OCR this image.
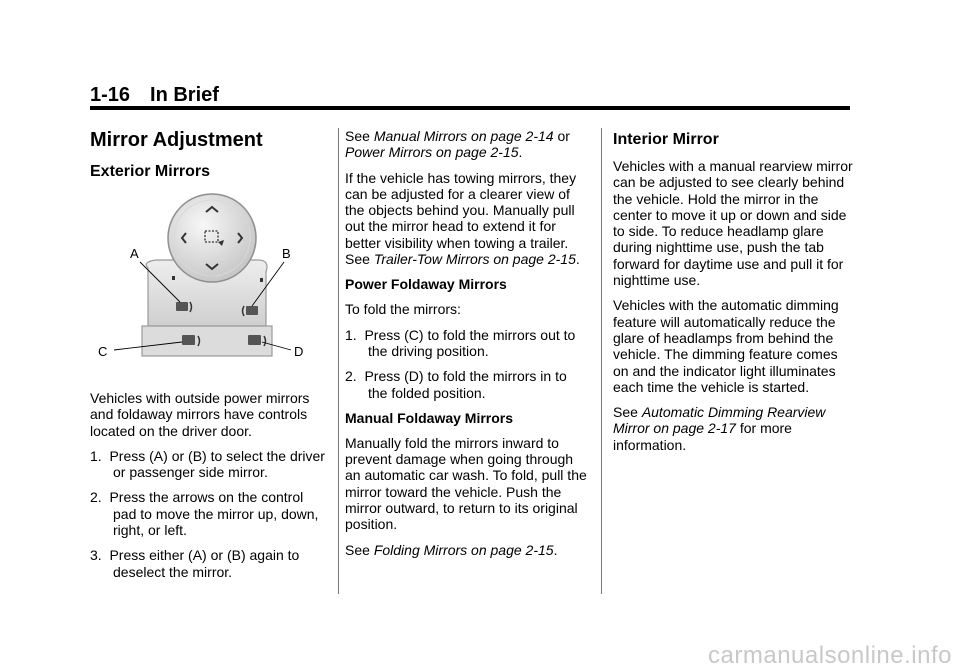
1-16 In Brief
Mirror Adjustment
Exterior Mirrors
A	B
C	D

Vehicles with outside power mirrors and foldaway mirrors have controls located on the driver door.

1. Press (A) or (B) to select the driver or passenger side mirror.
2. Press the arrows on the control pad to move the mirror up, down, right, or left.
3. Press either (A) or (B) again to deselect the mirror.

See Manual Mirrors on page 2-14 or Power Mirrors on page 2-15.

If the vehicle has towing mirrors, they can be adjusted for a clearer view of the objects behind you. Manually pull out the mirror head to extend it for better visibility when towing a trailer. See Trailer-Tow Mirrors on page 2-15.

Power Foldaway Mirrors

To fold the mirrors:

1. Press (C) to fold the mirrors out to the driving position.
2. Press (D) to fold the mirrors in to the folded position.
Manual Foldaway Mirrors

Manually fold the mirrors inward to prevent damage when going through an automatic car wash. To fold, pull the mirror toward the vehicle. Push the mirror outward, to return to its original position.

See Folding Mirrors on page 2-15.

Interior Mirror

Vehicles with a manual rearview mirror can be adjusted to see clearly behind the vehicle. Hold the mirror in the center to move it up or down and side to side. To reduce headlamp glare during nighttime use, push the tab forward for daytime use and pull it for nighttime use.

Vehicles with the automatic dimming feature will automatically reduce the glare of headlamps from behind the vehicle. The dimming feature comes on and the indicator light illuminates each time the vehicle is started.

See Automatic Dimming Rearview Mirror on page 2-17 for more information.

carmanualsonline.info
